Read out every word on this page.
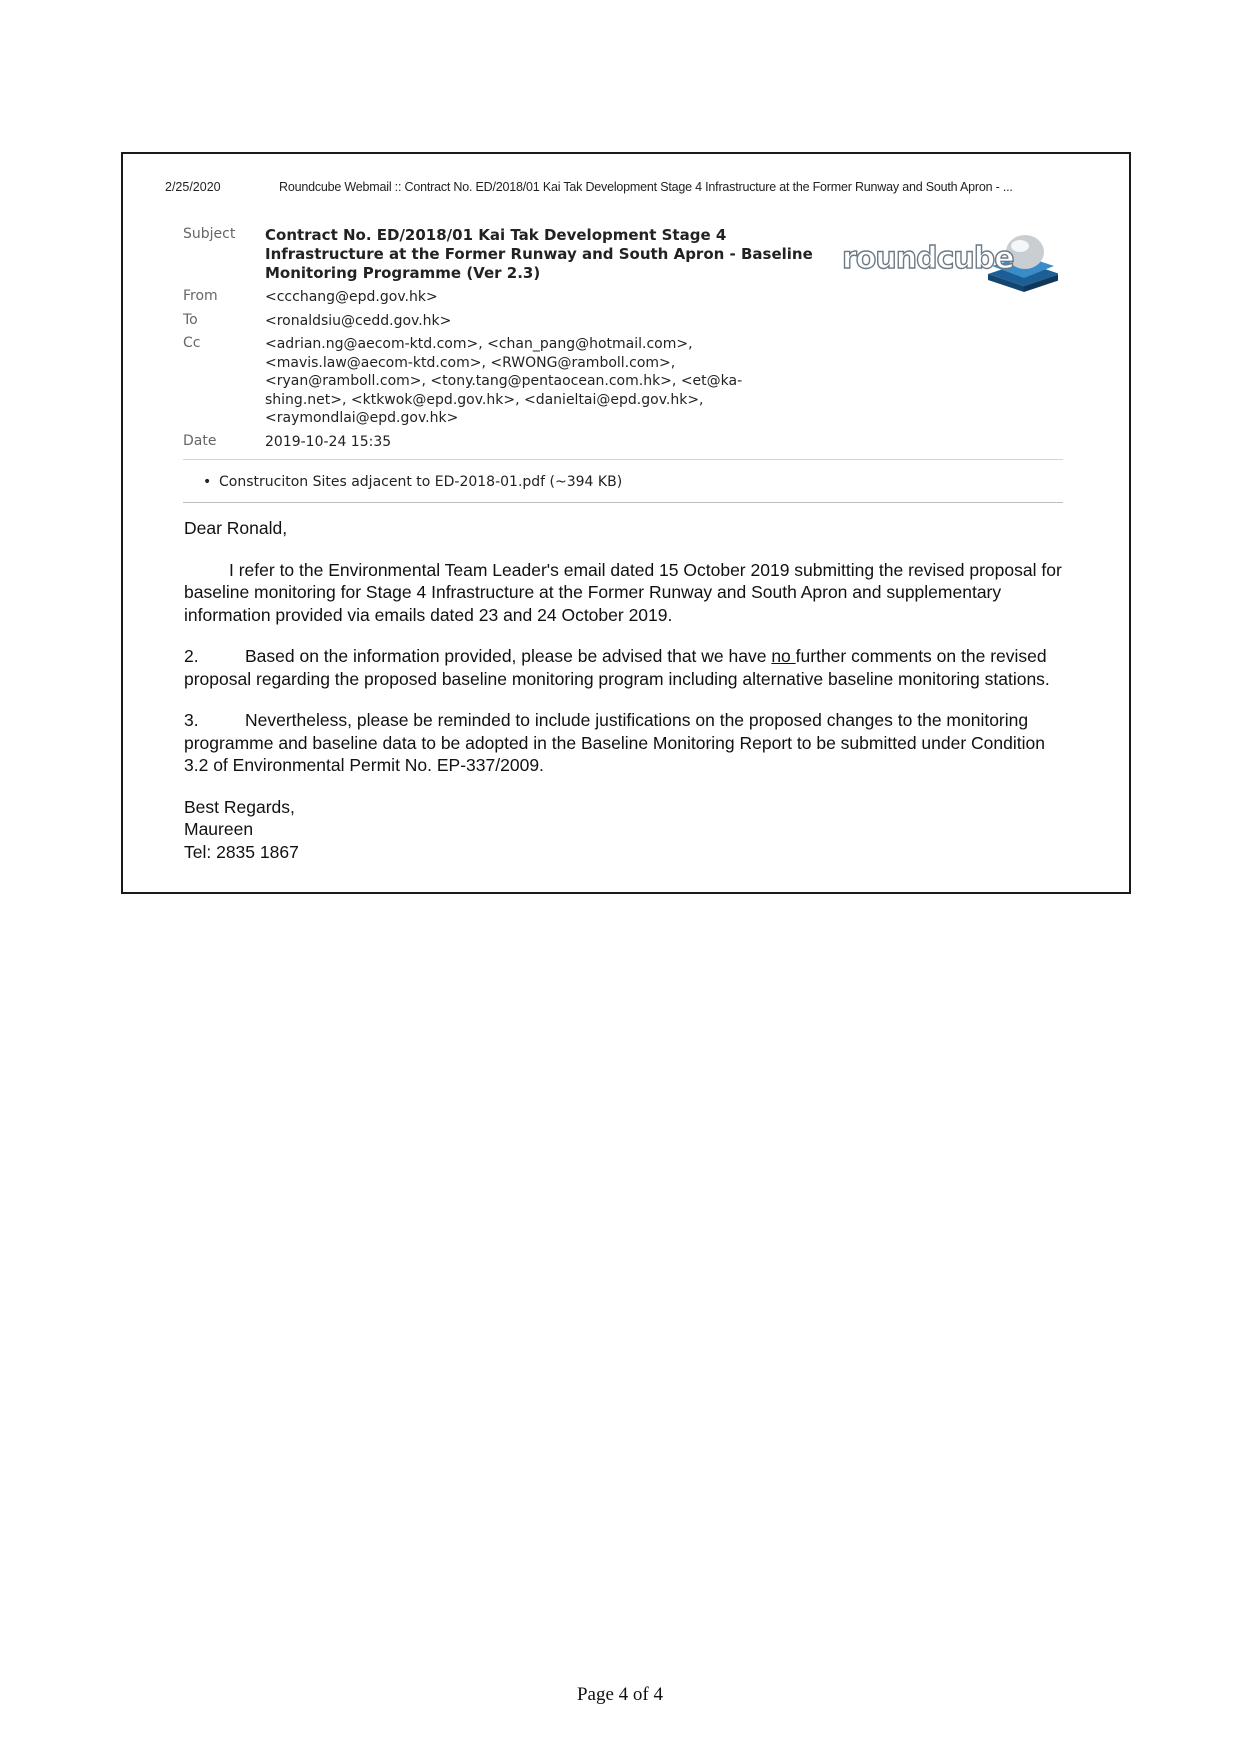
2/25/2020	Roundcube Webmail :: Contract No. ED/2018/01 Kai Tak Development Stage 4 Infrastructure at the Former Runway and South Apron - ...
Subject	Contract No. ED/2018/01 Kai Tak Development Stage 4
Infrastructure at the Former Runway and South Apron - Baseline
Monitoring Programme (Ver 2.3)
From	<ccchang@epd.gov.hk>
To	<ronaldsiu@cedd.gov.hk>
Cc	<adrian.ng@aecom-ktd.com>, <chan_pang@hotmail.com>,
<mavis.law@aecom-ktd.com>, <RWONG@ramboll.com>,
<ryan@ramboll.com>, <tony.tang@pentaocean.com.hk>, <et@ka-
shing.net>, <ktkwok@epd.gov.hk>, <danieltai@epd.gov.hk>,
<raymondlai@epd.gov.hk>
Date	2019-10-24 15:35
roundcube
• Construciton Sites adjacent to ED-2018-01.pdf (~394 KB)

Dear Ronald,

I refer to the Environmental Team Leader's email dated 15 October 2019 submitting the revised proposal for baseline monitoring for Stage 4 Infrastructure at the Former Runway and South Apron and supplementary information provided via emails dated 23 and 24 October 2019.

2.	Based on the information provided, please be advised that we have no further comments on the revised proposal regarding the proposed baseline monitoring program including alternative baseline monitoring stations.

3.	Nevertheless, please be reminded to include justifications on the proposed changes to the monitoring programme and baseline data to be adopted in the Baseline Monitoring Report to be submitted under Condition 3.2 of Environmental Permit No. EP-337/2009.

Best Regards,
Maureen
Tel: 2835 1867
Page 4 of 4
